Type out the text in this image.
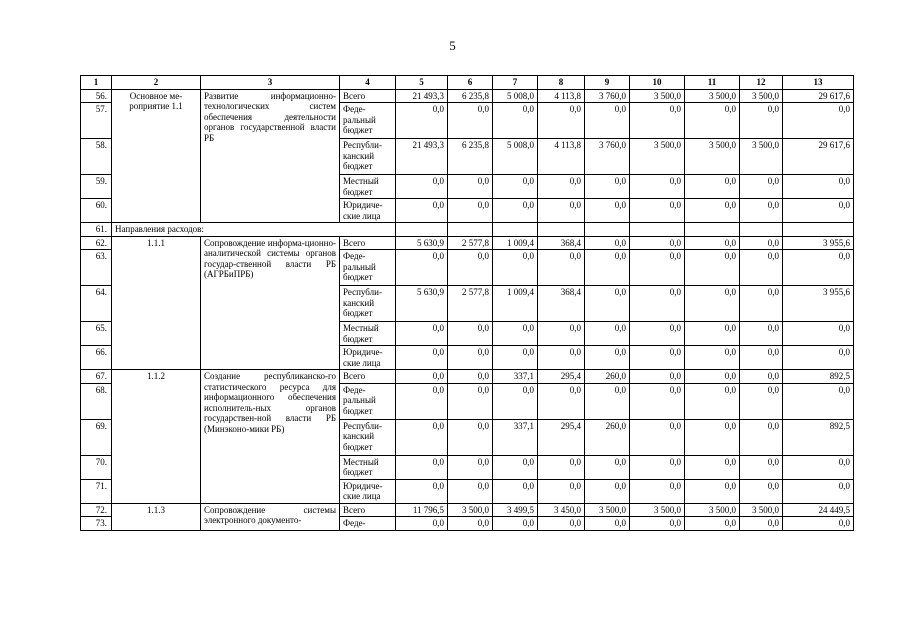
5
1	2	3	4	5	6	7	8	9	10	11	12	13
56.	Основное ме-роприятие 1.1	Развитие информационно-технологических систем обеспечения деятельности органов государственной власти РБ	Всего	21 493,3	6 235,8	5 008,0	4 113,8	3 760,0	3 500,0	3 500,0	3 500,0	29 617,6
57.			Феде-ральный бюджет	0,0	0,0	0,0	0,0	0,0	0,0	0,0	0,0	0,0
58.			Республи-канский бюджет	21 493,3	6 235,8	5 008,0	4 113,8	3 760,0	3 500,0	3 500,0	3 500,0	29 617,6
59.			Местный бюджет	0,0	0,0	0,0	0,0	0,0	0,0	0,0	0,0	0,0
60.			Юридиче-ские лица	0,0	0,0	0,0	0,0	0,0	0,0	0,0	0,0	0,0
61.	Направления расходов:											
62.	1.1.1	Сопровождение информа-ционно-аналитической системы органов государ-ственной власти РБ (АГРБиПРБ)	Всего	5 630,9	2 577,8	1 009,4	368,4	0,0	0,0	0,0	0,0	3 955,6
63.			Феде-ральный бюджет	0,0	0,0	0,0	0,0	0,0	0,0	0,0	0,0	0,0
64.			Республи-канский бюджет	5 630,9	2 577,8	1 009,4	368,4	0,0	0,0	0,0	0,0	3 955,6
65.			Местный бюджет	0,0	0,0	0,0	0,0	0,0	0,0	0,0	0,0	0,0
66.			Юридиче-ские лица	0,0	0,0	0,0	0,0	0,0	0,0	0,0	0,0	0,0
67.	1.1.2	Создание республиканско-го статистического ресурса для информационного обеспечения исполнитель-ных органов государствен-ной власти РБ (Минэконо-мики РБ)	Всего	0,0	0,0	337,1	295,4	260,0	0,0	0,0	0,0	892,5
68.			Феде-ральный бюджет	0,0	0,0	0,0	0,0	0,0	0,0	0,0	0,0	0,0
69.			Республи-канский бюджет	0,0	0,0	337,1	295,4	260,0	0,0	0,0	0,0	892,5
70.			Местный бюджет	0,0	0,0	0,0	0,0	0,0	0,0	0,0	0,0	0,0
71.			Юридиче-ские лица	0,0	0,0	0,0	0,0	0,0	0,0	0,0	0,0	0,0
72.	1.1.3	Сопровождение системы электронного документо-	Всего	11 796,5	3 500,0	3 499,5	3 450,0	3 500,0	3 500,0	3 500,0	3 500,0	24 449,5
73.			Феде-	0,0	0,0	0,0	0,0	0,0	0,0	0,0	0,0	0,0
